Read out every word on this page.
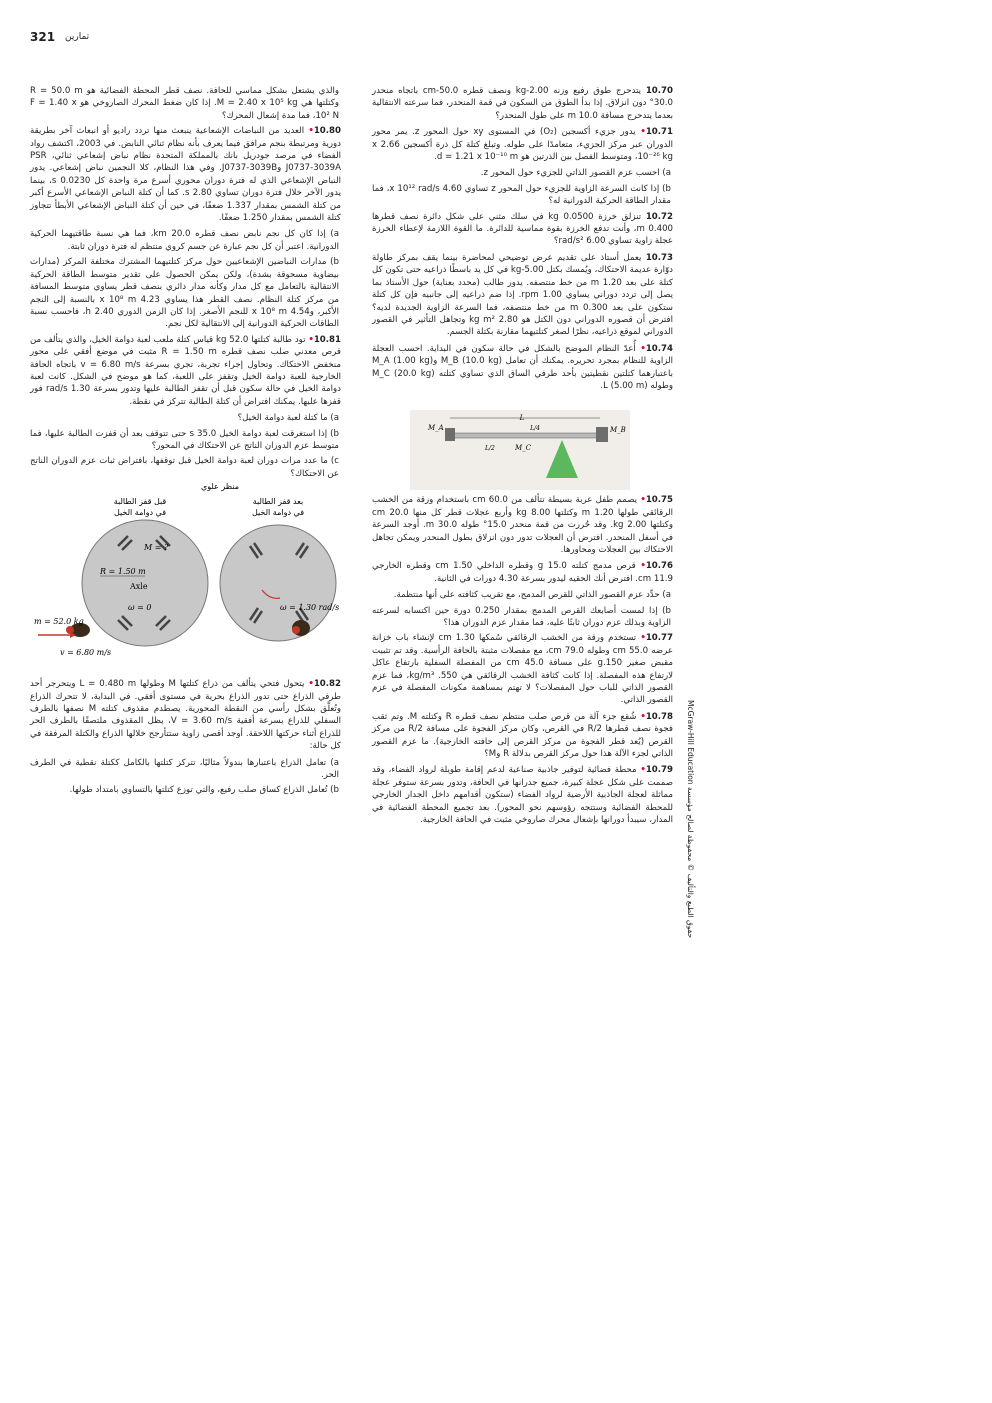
321 تمارين

10.70 يتدحرج طوق رفيع وزنه 2.00-kg ونصف قطره 50.0-cm باتجاه منحدر 30.0° دون انزلاق. إذا بدأ الطوق من السكون في قمة المنحدر، فما سرعته الانتقالية بعدما يتدحرج مسافة 10.0 m على طول المنحدر؟

10.71• يدور جزيء أكسجين (O₂) في المستوى xy حول المحور z. يمر محور الدوران عبر مركز الجزيء، متعامدًا على طوله. وتبلغ كتلة كل ذرة أكسجين 2.66 x 10⁻²⁶ kg، ومتوسط الفصل بين الذرتين هو d = 1.21 x 10⁻¹⁰ m.

a) احسب عزم القصور الذاتي للجزيء حول المحور z.

b) إذا كانت السرعة الزاوية للجزيء حول المحور z تساوي 4.60 x 10¹² rad/s، فما مقدار الطاقة الحركية الدورانية له؟

10.72 تنزلق خرزة 0.0500 kg في سلك مثني على شكل دائرة نصف قطرها 0.400 m، وأنت تدفع الخرزة بقوة مماسية للدائرة. ما القوة اللازمة لإعطاء الخرزة عجلة زاوية تساوي 6.00 rad/s²؟

10.73 يعمل أستاذ على تقديم عرض توضيحي لمحاضرة بينما يقف بمركز طاولة دوّارة عديمة الاحتكاك، ويُمسك بكتل 5.00-kg في كل يد باسطًا ذراعيه حتى تكون كل كتلة على بعد 1.20 m من خط منتصفه. يدور طالب (محدد بعناية) حول الأستاذ بما يصل إلى تردد دوراني يساوي 1.00 rpm. إذا ضم ذراعيه إلى جانبيه فإن كل كتلة ستكون على بعد 0.300 m من خط منتصفه، فما السرعة الزاوية الجديدة لديه؟ افترض أن قصوره الدوراني دون الكتل هو 2.80 kg m² وتجاهل التأثير في القصور الدوراني لموقع ذراعيه، نظرًا لصغر كتلتيهما مقارنة بكتلة الجسم.

10.74• أُعدّ النظام الموضح بالشكل في حالة سكون في البداية. احسب العجلة الزاوية للنظام بمجرد تحريره. يمكنك أن تعامل M_B (10.0 kg) وM_A (1.00 kg) باعتبارهما كتلتين نقطيتين بأحد طرفي الساق الذي تساوي كتلته M_C (20.0 kg) وطوله L (5.00 m).

10.75• يصمم طفل عربة بسيطة تتألف من 60.0 cm باستخدام ورقة من الخشب الرقائقي طولها 1.20 m وكتلتها 8.00 kg وأربع عجلات قطر كل منها 20.0 cm وكتلتها 2.00 kg. وقد حُررت من قمة منحدر 15.0° طوله 30.0 m. أوجد السرعة في أسفل المنحدر. افترض أن العجلات تدور دون انزلاق بطول المنحدر ويمكن تجاهل الاحتكاك بين العجلات ومحاورها.

10.76• قرص مدمج كتلته 15.0 g وقطره الداخلي 1.50 cm وقطره الخارجي 11.9 cm. افترض أنك الحقيه ليدور بسرعة 4.30 دورات في الثانية.

a) حدِّد عزم القصور الذاتي للقرص المدمج، مع تقريب كثافته على أنها منتظمة.

b) إذا لمست أصابعك القرص المدمج بمقدار 0.250 دورة حين اكتسابه لسرعته الزاوية وبذلك عزم دوران ثابتًا عليه، فما مقدار عزم الدوران هذا؟

10.77• تستخدم ورقة من الخشب الرقائقي سُمكها 1.30 cm لإنشاء باب خزانة عرضه 55.0 cm وطوله 79.0 cm، مع مفصلات مثبتة بالحافة الرأسية. وقد تم تثبيت مقبض صغير 150.g على مسافة 45.0 cm من المفصلة السفلية بارتفاع عاكل لارتفاع هذه المفصلة. إذا كانت كثافة الخشب الرقائقي هي 550. kg/m³، فما عزم القصور الذاتي للباب حول المفصلات؟ لا تهتم بمساهمة مكونات المفصلة في عزم القصور الذاتي.

10.78• شُقع جزء آلة من قرص صلب منتظم نصف قطره R وكتلته M. وتم ثقب فجوة نصف قطرها R/2 في القرص، وكان مركز الفجوة على مسافة R/2 من مركز القرص (يُعد قطر الفجوة من مركز القرص إلى حافته الخارجية). ما عزم القصور الذاتي لجزء الآلة هذا حول مركز القرص بدلالة R وM؟

10.79• محطة فضائية لتوفير جاذبية صناعية لدعم إقامة طويلة لرواد الفضاء، وقد صممت على شكل عجلة كبيرة، جميع جدرانها في الحافة، وتدور بسرعة ستوفر عجلة مماثلة لعجلة الجاذبية الأرضية لرواد الفضاء (ستكون أقدامهم داخل الجدار الخارجي للمحطة الفضائية وستتجه رؤوسهم نحو المحور). بعد تجميع المحطة الفضائية في المدار، سيبدأ دورانها بإشعال محرك صاروخي مثبت في الحافة الخارجية.

والذي يشتعل بشكل مماسي للحافة. نصف قطر المحطة الفضائية هو R = 50.0 m وكتلتها هي M = 2.40 x 10⁵ kg. إذا كان ضغط المحرك الصاروخي هو F = 1.40 x 10² N، فما مدة إشعال المحرك؟

10.80• العديد من النباضات الإشعاعية ينبعث منها تردد راديو أو انبعاث آخر بطريقة دورية ومرتبطة بنجم مرافق فيما يعرف بأنه نظام ثنائي النابض. في 2003، اكتشف رواد الفضاء في مرصد جودريل بانك بالمملكة المتحدة نظام نباض إشعاعي ثنائي، PSR J0737-3039A وJ0737-3039B. وفي هذا النظام، كلا النجمين نباض إشعاعي. يدور النباض الإشعاعي الذي له فترة دوران محوري أسرع مرة واحدة كل 0.0230 s، بينما يدور الآخر خلال فترة دوران تساوي 2.80 s. كما أن كتلة النباض الإشعاعي الأسرع أكبر من كتلة الشمس بمقدار 1.337 ضعفًا، في حين أن كتلة النباض الإشعاعي الأبطأ تتجاوز كتلة الشمس بمقدار 1.250 ضعفًا.

a) إذا كان كل نجم نابض نصف قطره 20.0 km، فما هي نسبة طاقتيهما الحركية الدورانية. اعتبر أن كل نجم عبارة عن جسم كروي منتظم له فترة دوران ثابتة.

b) مدارات النباضين الإشعاعيين حول مركز كتلتيهما المشترك مختلفة المركز (مدارات بيضاوية مسحوقة بشدة)، ولكن يمكن الحصول على تقدير متوسط الطاقة الحركية الانتقالية بالتعامل مع كل مدار وكأنه مدار دائري بنصف قطر يساوي متوسط المسافة من مركز كتلة النظام. نصف القطر هذا يساوي 4.23 x 10⁸ m بالنسبة إلى النجم الأكبر، و4.54 x 10⁸ m للنجم الأصغر. إذا كان الزمن الدوري 2.40 h، فاحسب نسبة الطاقات الحركية الدورانية إلى الانتقالية لكل نجم.

10.81• تود طالبة كتلتها 52.0 kg قياس كتلة ملعب لعبة دوامة الخيل، والذي يتألف من قرص معدني صلب نصف قطره R = 1.50 m مثبت في موضع أفقي على محور منخفض الاحتكاك. وتحاول إجراء تجربة، تجري بسرعة v = 6.80 m/s باتجاه الحافة الخارجية للعبة دوامة الخيل وتقفز على اللعبة، كما هو موضح في الشكل. كانت لعبة دوامة الخيل في حالة سكون قبل أن تقفز الطالبة عليها وتدور بسرعة 1.30 rad/s فور قفزها عليها. يمكنك افتراض أن كتلة الطالبة تتركز في نقطة.

a) ما كتلة لعبة دوامة الخيل؟

b) إذا استغرقت لعبة دوامة الخيل 35.0 s حتى تتوقف بعد أن قفزت الطالبة عليها، فما متوسط عزم الدوران الناتج عن الاحتكاك في المحور؟

c) ما عدد مرات دوران لعبة دوامة الخيل قبل توقفها، بافتراض ثبات عزم الدوران الناتج عن الاحتكاك؟

10.82• يتحول فتحي يتألف من ذراع كتلتها M وطولها L = 0.480 m ويتحرجر أحد طرفي الذراع حتى تدور الذراع بحرية في مستوى أفقي. في البداية، لا تتحرك الذراع وتُعلَّق بشكل رأسي من النقطة المحورية. يصطدم مقذوف كتلته M نصفها بالطرف السفلي للذراع بسرعة أفقية V = 3.60 m/s، يظل المقذوف ملتصقًا بالطرف الحر للذراع أثناء حركتها اللاحقة. أوجد أقصى زاوية ستتأرجح خلالها الذراع والكتلة المرفقة في كل حالة:

a) تعامل الذراع باعتبارها بندولاً مثاليًا، تتركز كتلتها بالكامل ككتلة نقطية في الطرف الحر.

b) تُعامل الذراع كساق صلب رفيع، والتي توزع كتلتها بالتساوي بامتداد طولها.

L
L/4
M_A	M_B
L/2	M_C
منظر علوي
قبل قفز الطالبة
في دوامة الخيل
بعد قفز الطالبة
في دوامة الخيل
M = ?
R = 1.50 m
Axle
ω = 0
m = 52.0 kg
v = 6.80 m/s
ω = 1.30 rad/s
McGraw-Hill Education حقوق الطبع والتأليف © محفوظة لصالح مؤسسة
